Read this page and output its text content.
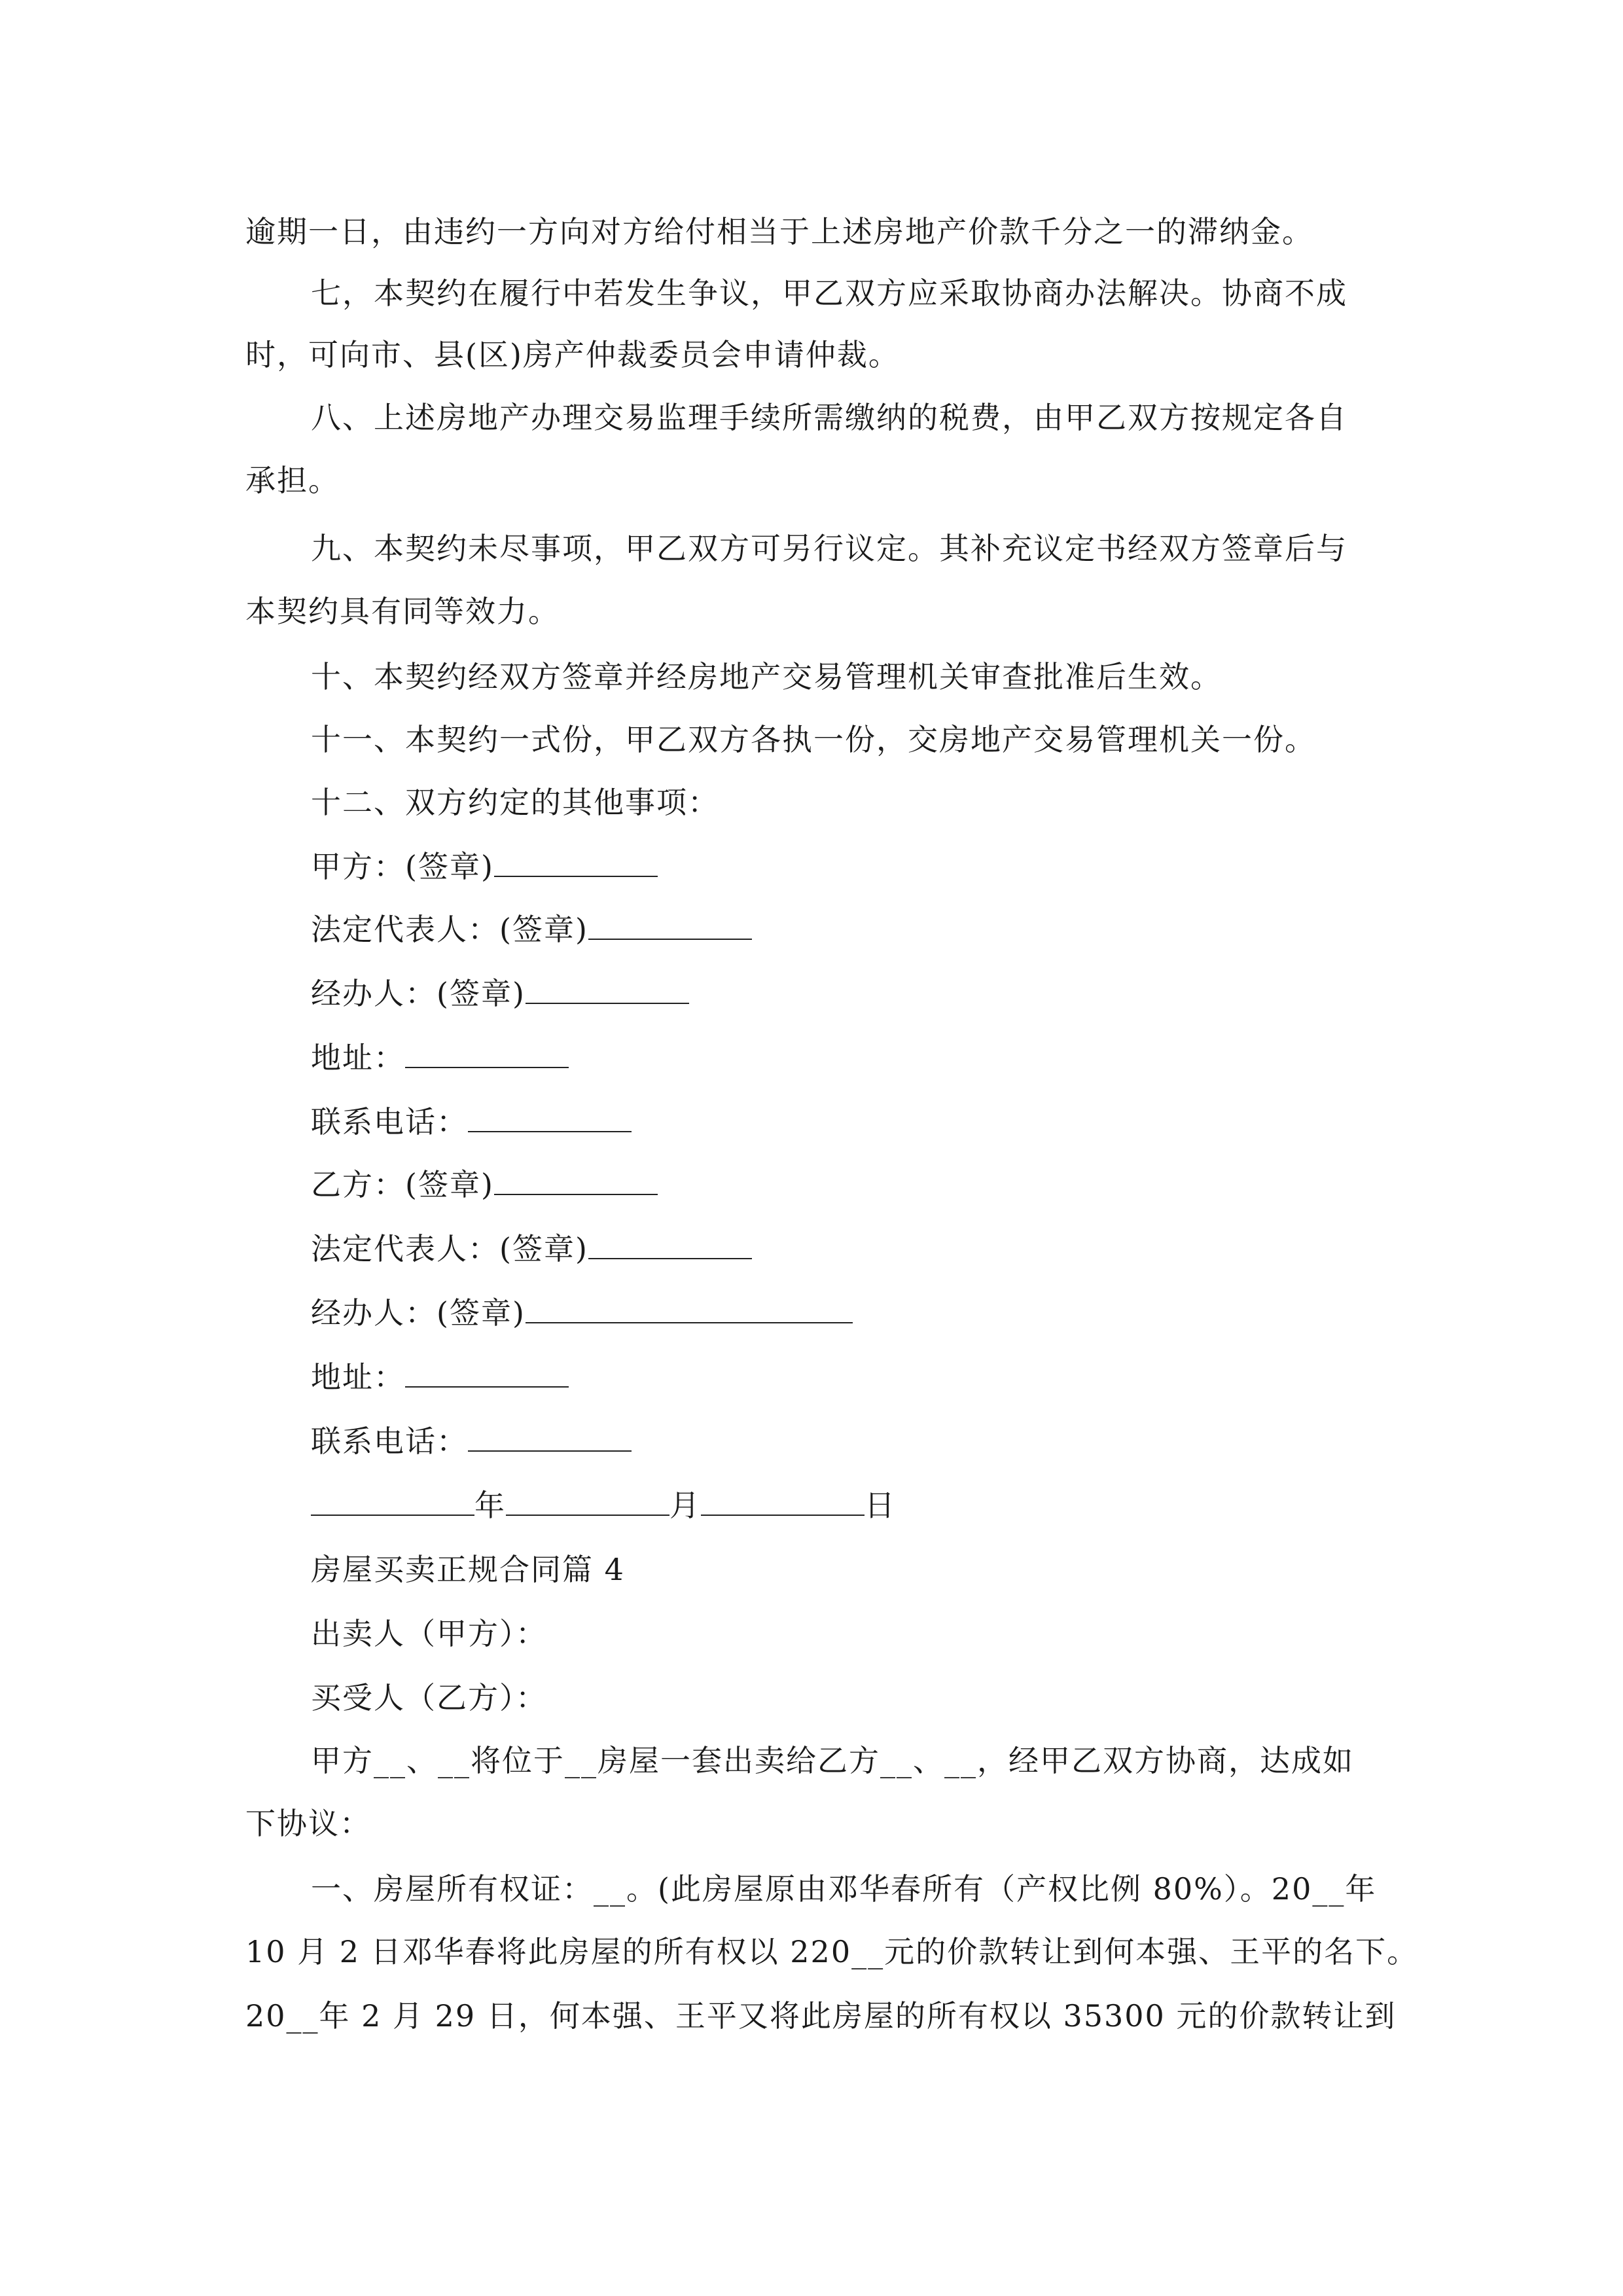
逾期一日，由违约一方向对方给付相当于上述房地产价款千分之一的滞纳金。
七，本契约在履行中若发生争议，甲乙双方应采取协商办法解决。协商不成
时，可向市、县(区)房产仲裁委员会申请仲裁。
八、上述房地产办理交易监理手续所需缴纳的税费，由甲乙双方按规定各自
承担。
九、本契约未尽事项，甲乙双方可另行议定。其补充议定书经双方签章后与
本契约具有同等效力。
十、本契约经双方签章并经房地产交易管理机关审查批准后生效。
十一、本契约一式份，甲乙双方各执一份，交房地产交易管理机关一份。
十二、双方约定的其他事项：
甲方：(签章)
法定代表人：(签章)
经办人：(签章)
地址：
联系电话：
乙方：(签章)
法定代表人：(签章)
经办人：(签章)
地址：
联系电话：
年	月	日
房屋买卖正规合同篇 4
出卖人（甲方）：
买受人（乙方）：
甲方__、__将位于__房屋一套出卖给乙方__、__，经甲乙双方协商，达成如
下协议：
一、房屋所有权证：__。(此房屋原由邓华春所有（产权比例 80%）。20__年
10 月 2 日邓华春将此房屋的所有权以 220__元的价款转让到何本强、王平的名下。
20__年 2 月 29 日，何本强、王平又将此房屋的所有权以 35300 元的价款转让到
